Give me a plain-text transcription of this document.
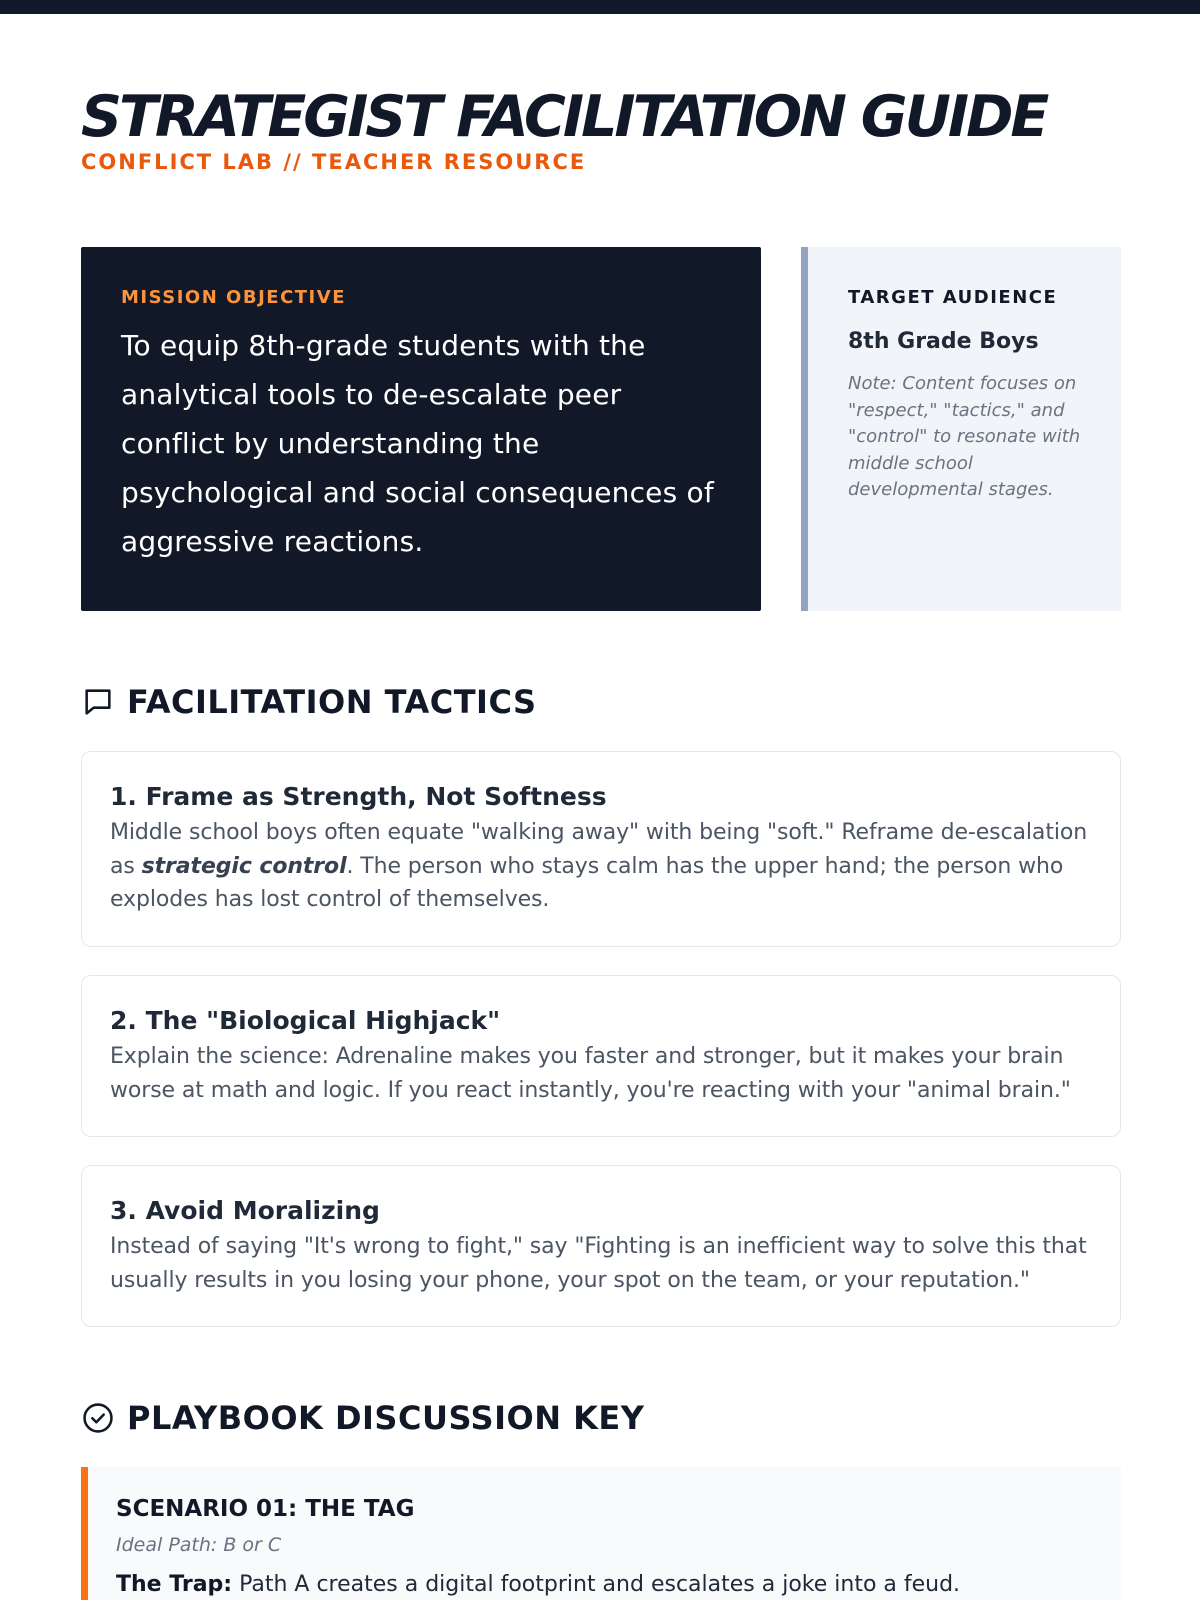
STRATEGIST FACILITATION GUIDE
CONFLICT LAB // TEACHER RESOURCE
MISSION OBJECTIVE
To equip 8th-grade students with the analytical tools to de-escalate peer conflict by understanding the psychological and social consequences of aggressive reactions.
TARGET AUDIENCE
8th Grade Boys
Note: Content focuses on "respect," "tactics," and "control" to resonate with middle school developmental stages.
FACILITATION TACTICS
1. Frame as Strength, Not Softness
Middle school boys often equate "walking away" with being "soft." Reframe de-escalation as strategic control. The person who stays calm has the upper hand; the person who explodes has lost control of themselves.
2. The "Biological Highjack"
Explain the science: Adrenaline makes you faster and stronger, but it makes your brain worse at math and logic. If you react instantly, you're reacting with your "animal brain."
3. Avoid Moralizing
Instead of saying "It's wrong to fight," say "Fighting is an inefficient way to solve this that usually results in you losing your phone, your spot on the team, or your reputation."
PLAYBOOK DISCUSSION KEY
SCENARIO 01: THE TAG
Ideal Path: B or C
The Trap: Path A creates a digital footprint and escalates a joke into a feud.
